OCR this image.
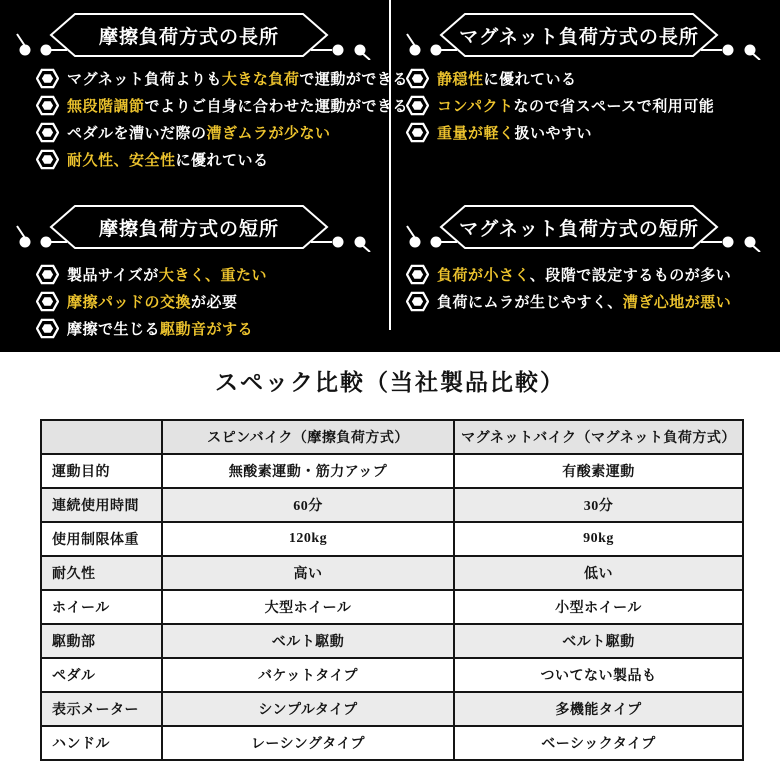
摩擦負荷方式の長所
マグネット負荷よりも大きな負荷で運動ができる
無段階調節でよりご自身に合わせた運動ができる
ペダルを漕いだ際の漕ぎムラが少ない
耐久性、安全性に優れている
マグネット負荷方式の長所
静穏性に優れている
コンパクトなので省スペースで利用可能
重量が軽く扱いやすい
摩擦負荷方式の短所
製品サイズが大きく、重たい
摩擦パッドの交換が必要
摩擦で生じる駆動音がする
マグネット負荷方式の短所
負荷が小さく、段階で設定するものが多い
負荷にムラが生じやすく、漕ぎ心地が悪い
スペック比較（当社製品比較）
	スピンバイク（摩擦負荷方式）	マグネットバイク（マグネット負荷方式）
運動目的	無酸素運動・筋力アップ	有酸素運動
連続使用時間	60分	30分
使用制限体重	120kg	90kg
耐久性	高い	低い
ホイール	大型ホイール	小型ホイール
駆動部	ベルト駆動	ベルト駆動
ペダル	バケットタイプ	ついてない製品も
表示メーター	シンプルタイプ	多機能タイプ
ハンドル	レーシングタイプ	ベーシックタイプ
